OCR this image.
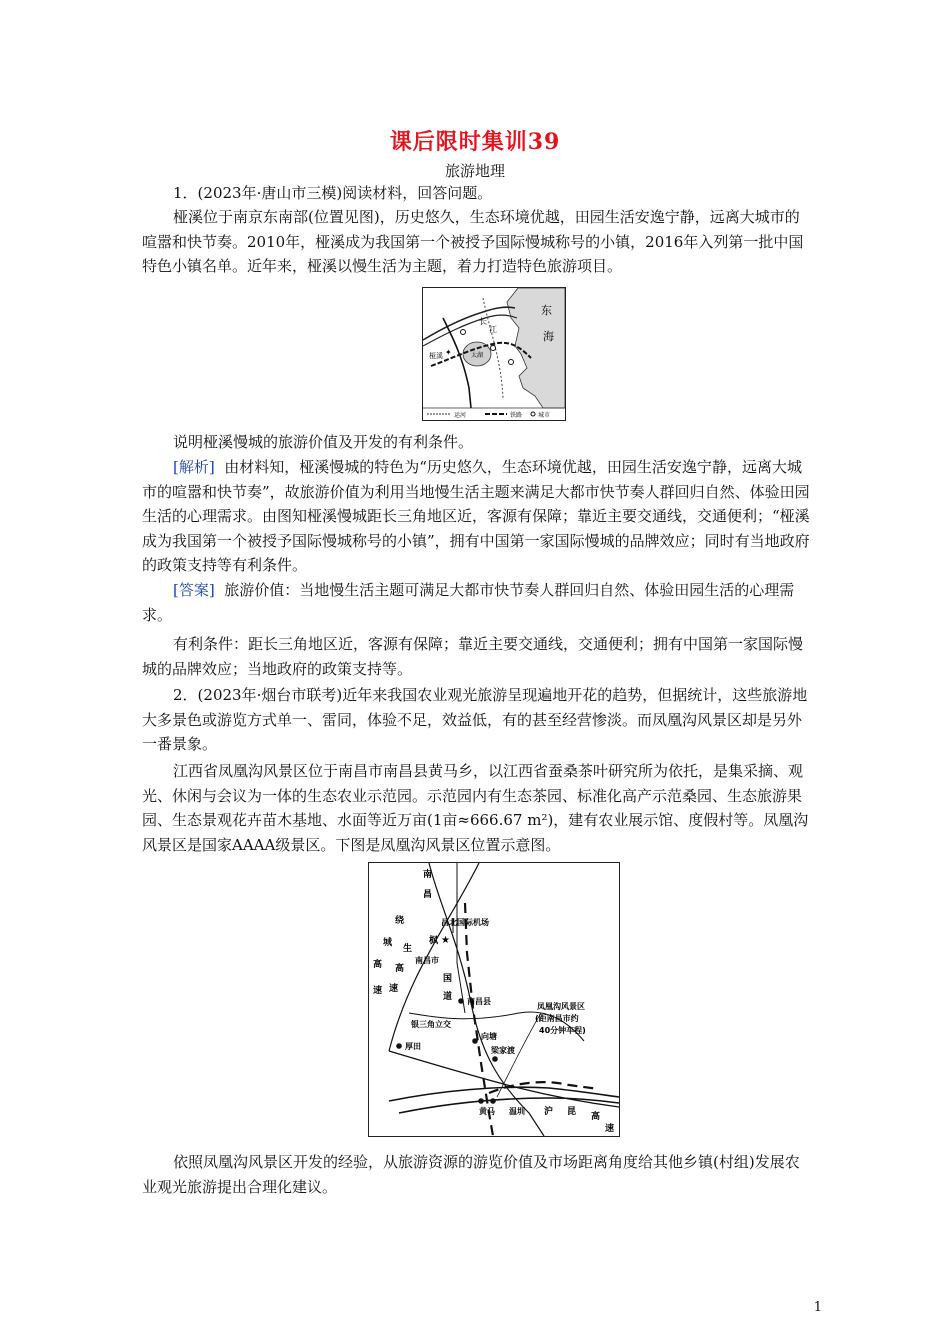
课后限时集训39
旅游地理
1．(2023年·唐山市三模)阅读材料，回答问题。
桠溪位于南京东南部(位置见图)，历史悠久，生态环境优越，田园生活安逸宁静，远离大城市的喧嚣和快节奏。2010年，桠溪成为我国第一个被授予国际慢城称号的小镇，2016年入列第一批中国特色小镇名单。近年来，桠溪以慢生活为主题，着力打造特色旅游项目。
桠溪 ✦
长
江
太湖
东
海
运河	铁路	城市
说明桠溪慢城的旅游价值及开发的有利条件。
[解析] 由材料知，桠溪慢城的特色为“历史悠久，生态环境优越，田园生活安逸宁静，远离大城市的喧嚣和快节奏”，故旅游价值为利用当地慢生活主题来满足大都市快节奏人群回归自然、体验田园生活的心理需求。由图知桠溪慢城距长三角地区近，客源有保障；靠近主要交通线，交通便利；“桠溪成为我国第一个被授予国际慢城称号的小镇”，拥有中国第一家国际慢城的品牌效应；同时有当地政府的政策支持等有利条件。
[答案] 旅游价值：当地慢生活主题可满足大都市快节奏人群回归自然、体验田园生活的心理需求。
有利条件：距长三角地区近，客源有保障；靠近主要交通线，交通便利；拥有中国第一家国际慢城的品牌效应；当地政府的政策支持等。
2．(2023年·烟台市联考)近年来我国农业观光旅游呈现遍地开花的趋势，但据统计，这些旅游地大多景色或游览方式单一、雷同，体验不足，效益低，有的甚至经营惨淡。而凤凰沟风景区却是另外一番景象。
江西省凤凰沟风景区位于南昌市南昌县黄马乡，以江西省蚕桑茶叶研究所为依托，是集采摘、观光、休闲与会议为一体的生态农业示范园。示范园内有生态茶园、标准化高产示范桑园、生态旅游果园、生态景观花卉苗木基地、水面等近万亩(1亩≈666.67 m²)，建有农业展示馆、度假村等。凤凰沟风景区是国家AAAA级景区。下图是凤凰沟风景区位置示意图。
南
昌
绕
城
高
速
生
高
速
枫 ★
昌北国际机场
南昌市
国
道 南昌县
银三角立交
厚田
向塘
梁家渡
黄马 温圳 沪 昆 高
速
凤凰沟风景区
(距南昌市约
40分钟车程)
依照凤凰沟风景区开发的经验，从旅游资源的游览价值及市场距离角度给其他乡镇(村组)发展农业观光旅游提出合理化建议。
1
